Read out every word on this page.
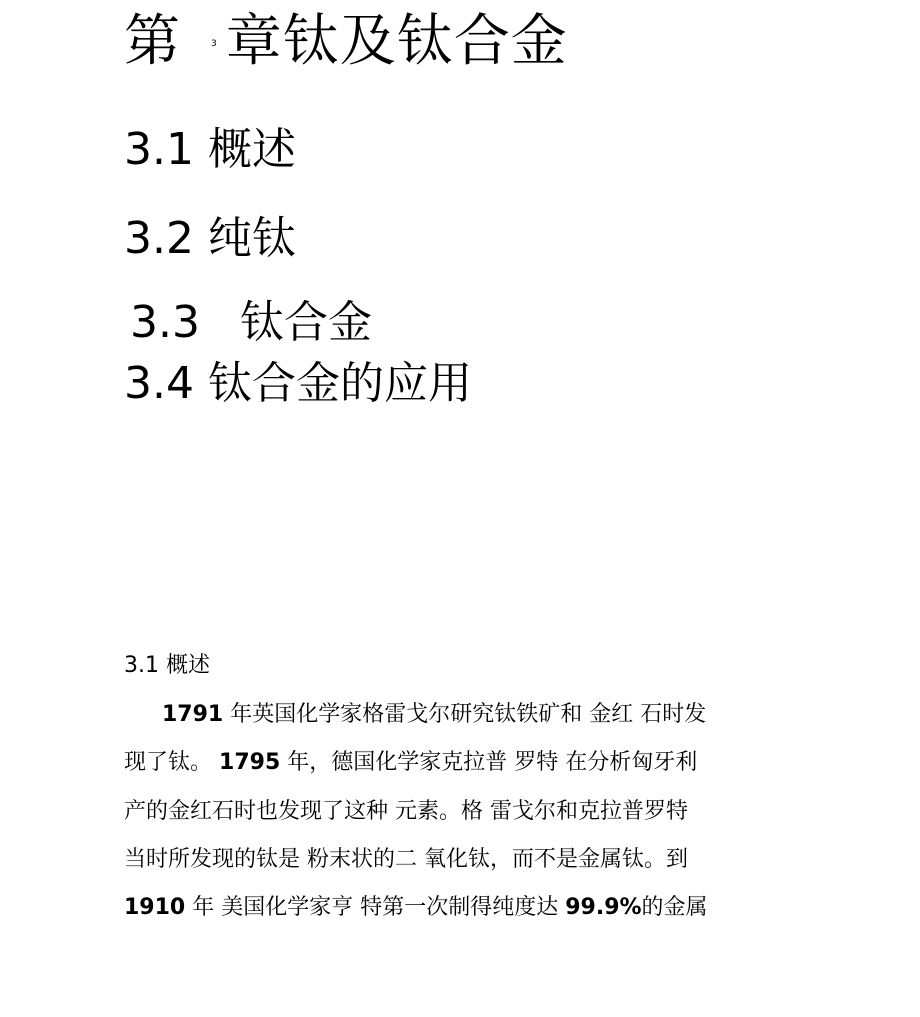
第	3 章钛及钛合金
3.1 概述
3.2 纯钛
3.3 钛合金
3.4 钛合金的应用
3.1 概述
1791 年英国化学家格雷戈尔研究钛铁矿和 金红 石时发
现了钛。 1795 年，德国化学家克拉普 罗特 在分析匈牙利
产的金红石时也发现了这种 元素。格 雷戈尔和克拉普罗特
当时所发现的钛是 粉末状的二 氧化钛，而不是金属钛。到
1910 年 美国化学家亨 特第一次制得纯度达 99.9%的金属
